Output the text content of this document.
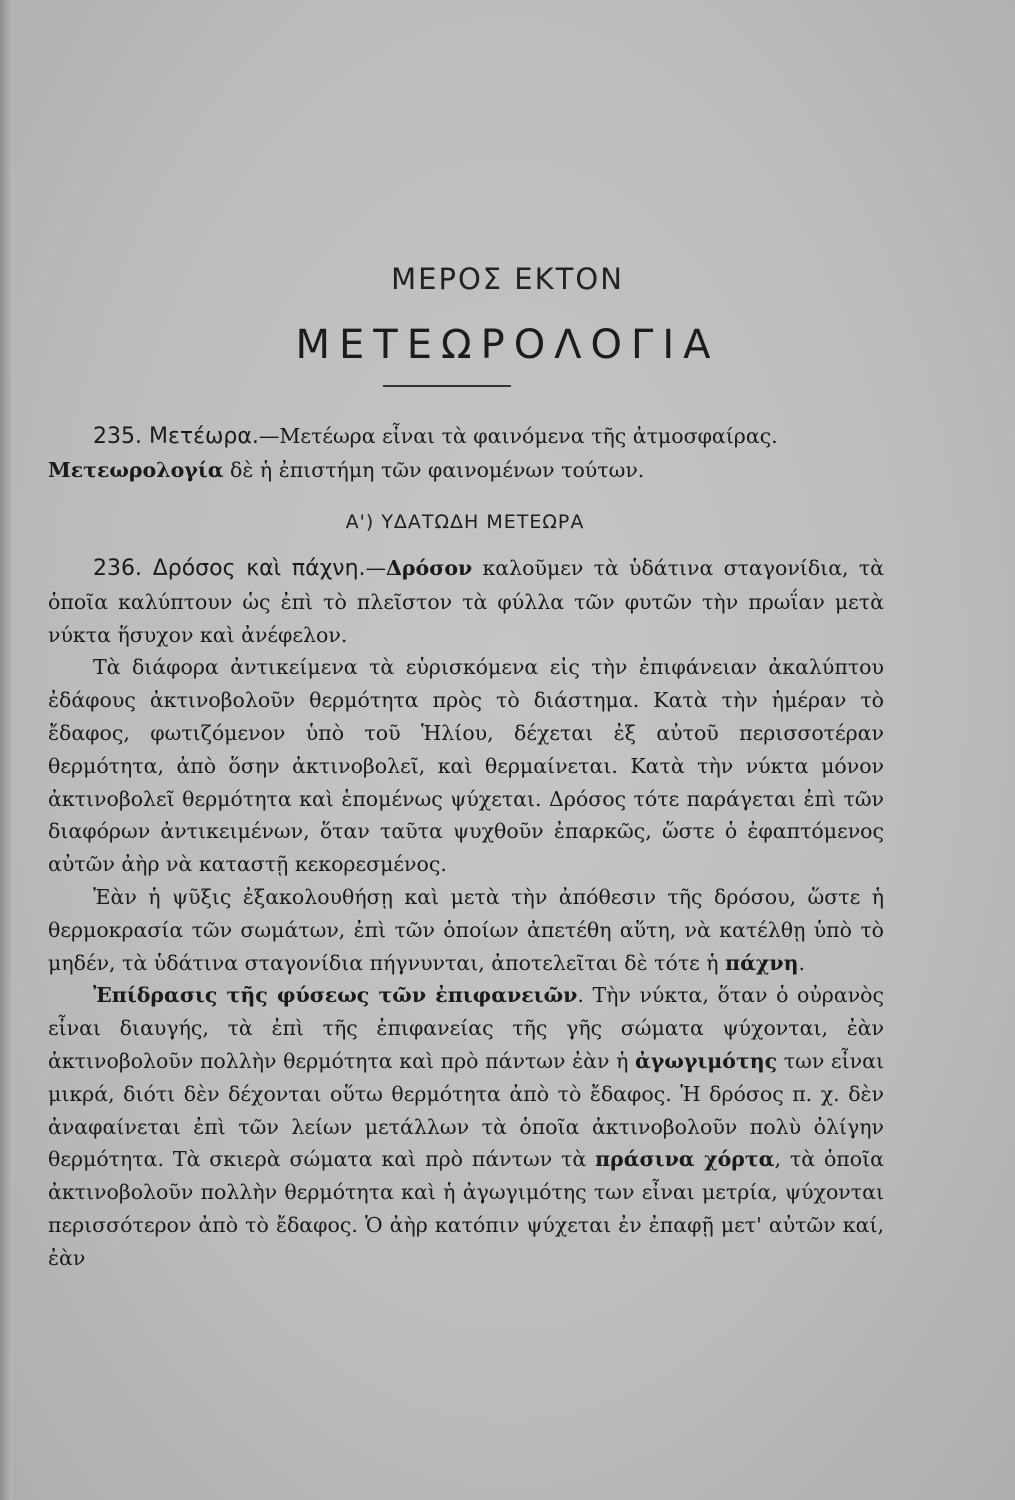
ΜΕΡΟΣ ΕΚΤΟΝ
ΜΕΤΕΩΡΟΛΟΓΙΑ

235. Μετέωρα.—Μετέωρα εἶναι τὰ φαινόμενα τῆς ἀτμοσφαίρας.
Μετεωρολογία δὲ ἡ ἐπιστήμη τῶν φαινομένων τούτων.

Α') ΥΔΑΤΩΔΗ ΜΕΤΕΩΡΑ

236. Δρόσος καὶ πάχνη.—Δρόσον καλοῦμεν τὰ ὑδάτινα σταγονίδια, τὰ ὁποῖα καλύπτουν ὡς ἐπὶ τὸ πλεῖστον τὰ φύλλα τῶν φυτῶν τὴν πρωΐαν μετὰ νύκτα ἥσυχον καὶ ἀνέφελον.

Τὰ διάφορα ἀντικείμενα τὰ εὑρισκόμενα εἰς τὴν ἐπιφάνειαν ἀκαλύπτου ἐδάφους ἀκτινοβολοῦν θερμότητα πρὸς τὸ διάστημα. Κατὰ τὴν ἡμέραν τὸ ἔδαφος, φωτιζόμενον ὑπὸ τοῦ Ἡλίου, δέχεται ἐξ αὐτοῦ περισσοτέραν θερμότητα, ἀπὸ ὅσην ἀκτινοβολεῖ, καὶ θερμαίνεται. Κατὰ τὴν νύκτα μόνον ἀκτινοβολεῖ θερμότητα καὶ ἑπομένως ψύχεται. Δρόσος τότε παράγεται ἐπὶ τῶν διαφόρων ἀντικειμένων, ὅταν ταῦτα ψυχθοῦν ἐπαρκῶς, ὥστε ὁ ἐφαπτόμενος αὐτῶν ἀὴρ νὰ καταστῇ κεκορεσμένος.

Ἐὰν ἡ ψῦξις ἐξακολουθήσῃ καὶ μετὰ τὴν ἀπόθεσιν τῆς δρόσου, ὥστε ἡ θερμοκρασία τῶν σωμάτων, ἐπὶ τῶν ὁποίων ἀπετέθη αὕτη, νὰ κατέλθῃ ὑπὸ τὸ μηδέν, τὰ ὑδάτινα σταγονίδια πήγνυνται, ἀποτελεῖται δὲ τότε ἡ πάχνη.

Ἐπίδρασις τῆς φύσεως τῶν ἐπιφανειῶν. Τὴν νύκτα, ὅταν ὁ οὐρανὸς εἶναι διαυγής, τὰ ἐπὶ τῆς ἐπιφανείας τῆς γῆς σώματα ψύχονται, ἐὰν ἀκτινοβολοῦν πολλὴν θερμότητα καὶ πρὸ πάντων ἐὰν ἡ ἀγωγιμότης των εἶναι μικρά, διότι δὲν δέχονται οὕτω θερμότητα ἀπὸ τὸ ἔδαφος. Ἡ δρόσος π. χ. δὲν ἀναφαίνεται ἐπὶ τῶν λείων μετάλλων τὰ ὁποῖα ἀκτινοβολοῦν πολὺ ὀλίγην θερμότητα. Τὰ σκιερὰ σώματα καὶ πρὸ πάντων τὰ πράσινα χόρτα, τὰ ὁποῖα ἀκτινοβολοῦν πολλὴν θερμότητα καὶ ἡ ἀγωγιμότης των εἶναι μετρία, ψύχονται περισσότερον ἀπὸ τὸ ἔδαφος. Ὁ ἀὴρ κατόπιν ψύχεται ἐν ἐπαφῇ μετ' αὐτῶν καί, ἐὰν
